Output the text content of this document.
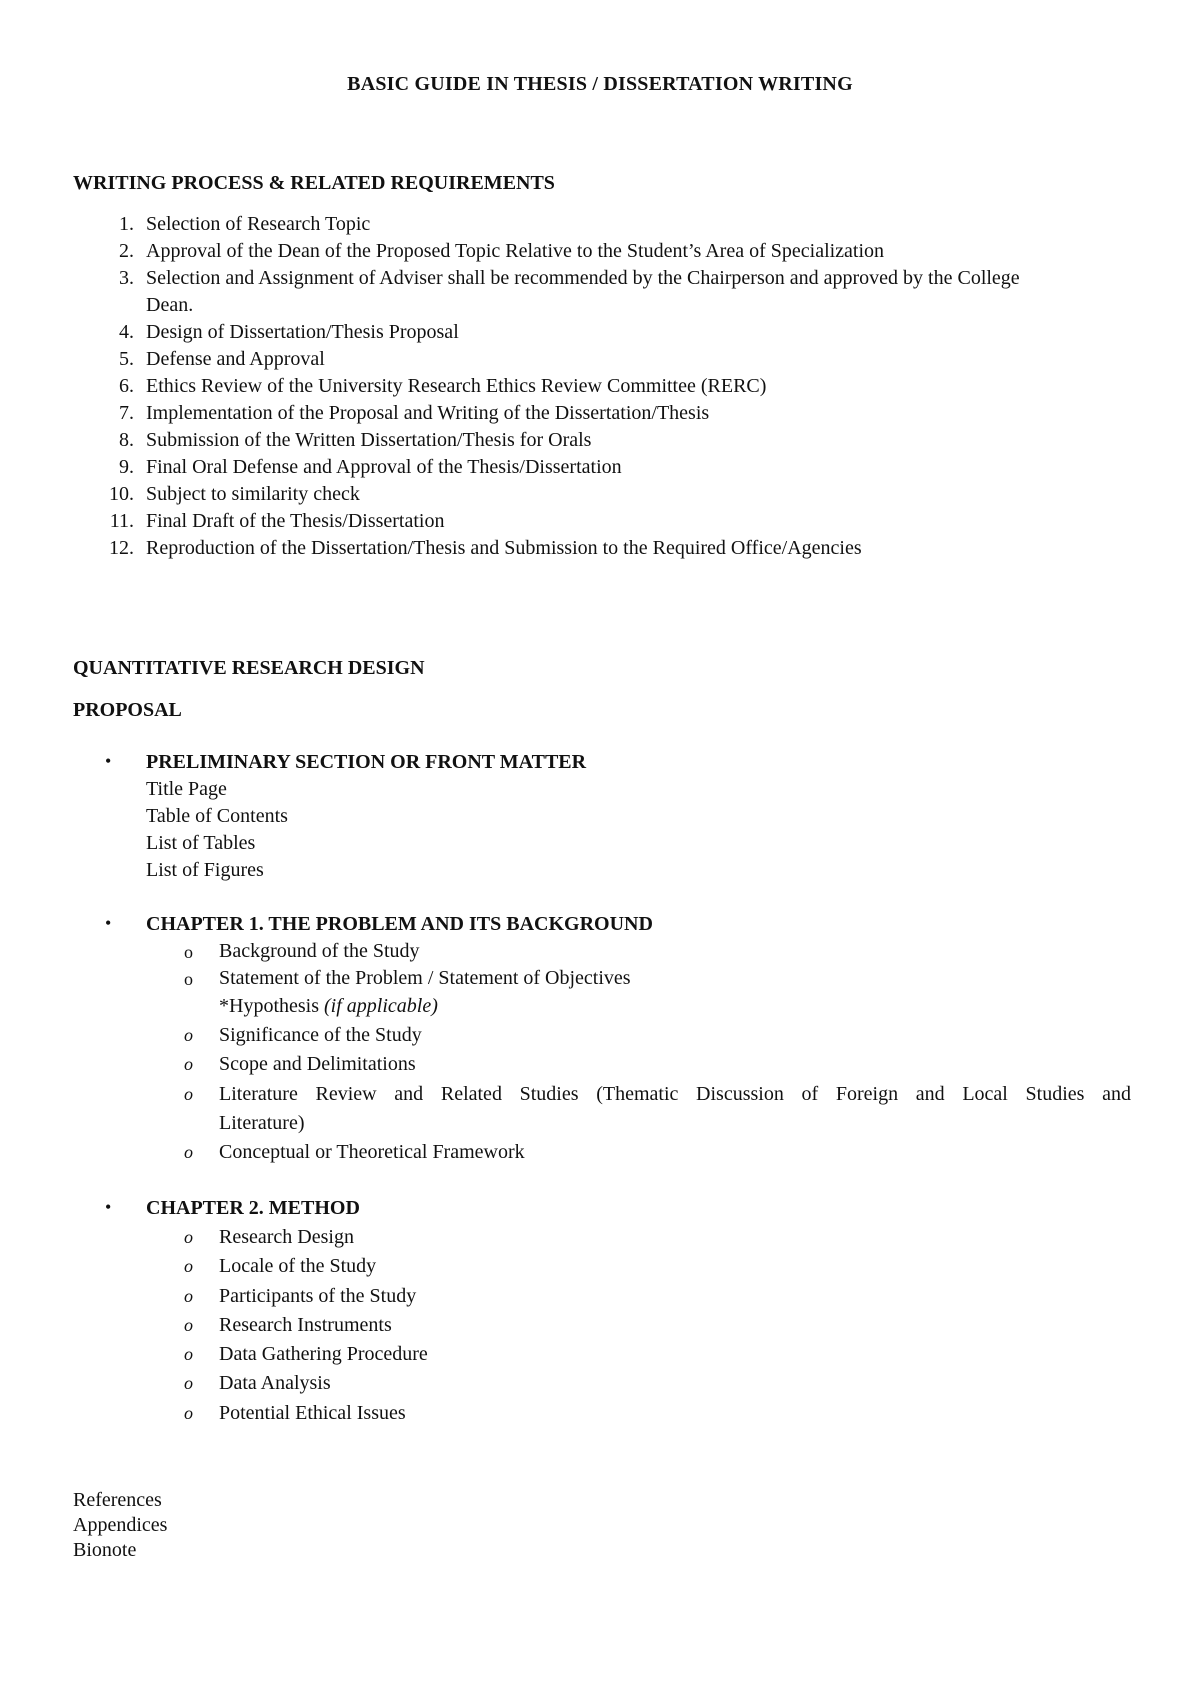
BASIC GUIDE IN THESIS / DISSERTATION WRITING
WRITING PROCESS & RELATED REQUIREMENTS
1. Selection of Research Topic
2. Approval of the Dean of the Proposed Topic Relative to the Student’s Area of Specialization
3. Selection and Assignment of Adviser shall be recommended by the Chairperson and approved by the College
Dean.
4. Design of Dissertation/Thesis Proposal
5. Defense and Approval
6. Ethics Review of the University Research Ethics Review Committee (RERC)
7. Implementation of the Proposal and Writing of the Dissertation/Thesis
8. Submission of the Written Dissertation/Thesis for Orals
9. Final Oral Defense and Approval of the Thesis/Dissertation
10. Subject to similarity check
11. Final Draft of the Thesis/Dissertation
12. Reproduction of the Dissertation/Thesis and Submission to the Required Office/Agencies
QUANTITATIVE RESEARCH DESIGN
PROPOSAL
• PRELIMINARY SECTION OR FRONT MATTER
Title Page
Table of Contents
List of Tables
List of Figures
• CHAPTER 1. THE PROBLEM AND ITS BACKGROUND
o Background of the Study
o Statement of the Problem / Statement of Objectives
*Hypothesis (if applicable)
o Significance of the Study
o Scope and Delimitations
o Literature Review and Related Studies (Thematic Discussion of Foreign and Local Studies and
Literature)
o Conceptual or Theoretical Framework
• CHAPTER 2. METHOD
o Research Design
o Locale of the Study
o Participants of the Study
o Research Instruments
o Data Gathering Procedure
o Data Analysis
o Potential Ethical Issues
References
Appendices
Bionote
